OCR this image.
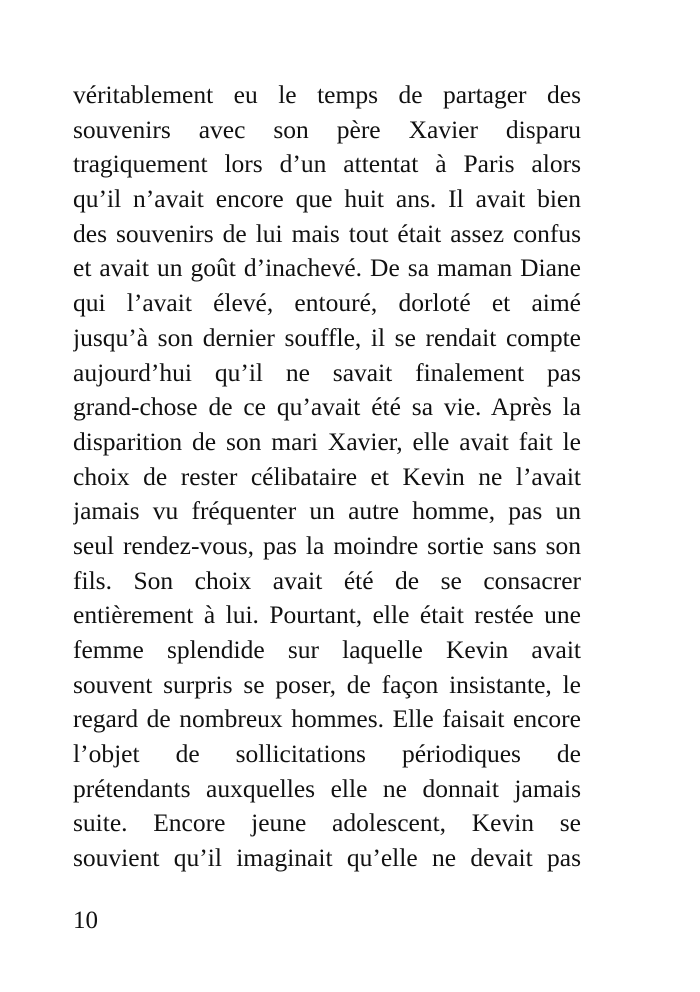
véritablement eu le temps de partager des
souvenirs avec son père Xavier disparu
tragiquement lors d’un attentat à Paris alors
qu’il n’avait encore que huit ans. Il avait bien
des souvenirs de lui mais tout était assez confus
et avait un goût d’inachevé. De sa maman Diane
qui l’avait élevé, entouré, dorloté et aimé
jusqu’à son dernier souffle, il se rendait compte
aujourd’hui qu’il ne savait finalement pas
grand-chose de ce qu’avait été sa vie. Après la
disparition de son mari Xavier, elle avait fait le
choix de rester célibataire et Kevin ne l’avait
jamais vu fréquenter un autre homme, pas un
seul rendez-vous, pas la moindre sortie sans son
fils. Son choix avait été de se consacrer
entièrement à lui. Pourtant, elle était restée une
femme splendide sur laquelle Kevin avait
souvent surpris se poser, de façon insistante, le
regard de nombreux hommes. Elle faisait encore
l’objet de sollicitations périodiques de
prétendants auxquelles elle ne donnait jamais
suite. Encore jeune adolescent, Kevin se
souvient qu’il imaginait qu’elle ne devait pas
10
